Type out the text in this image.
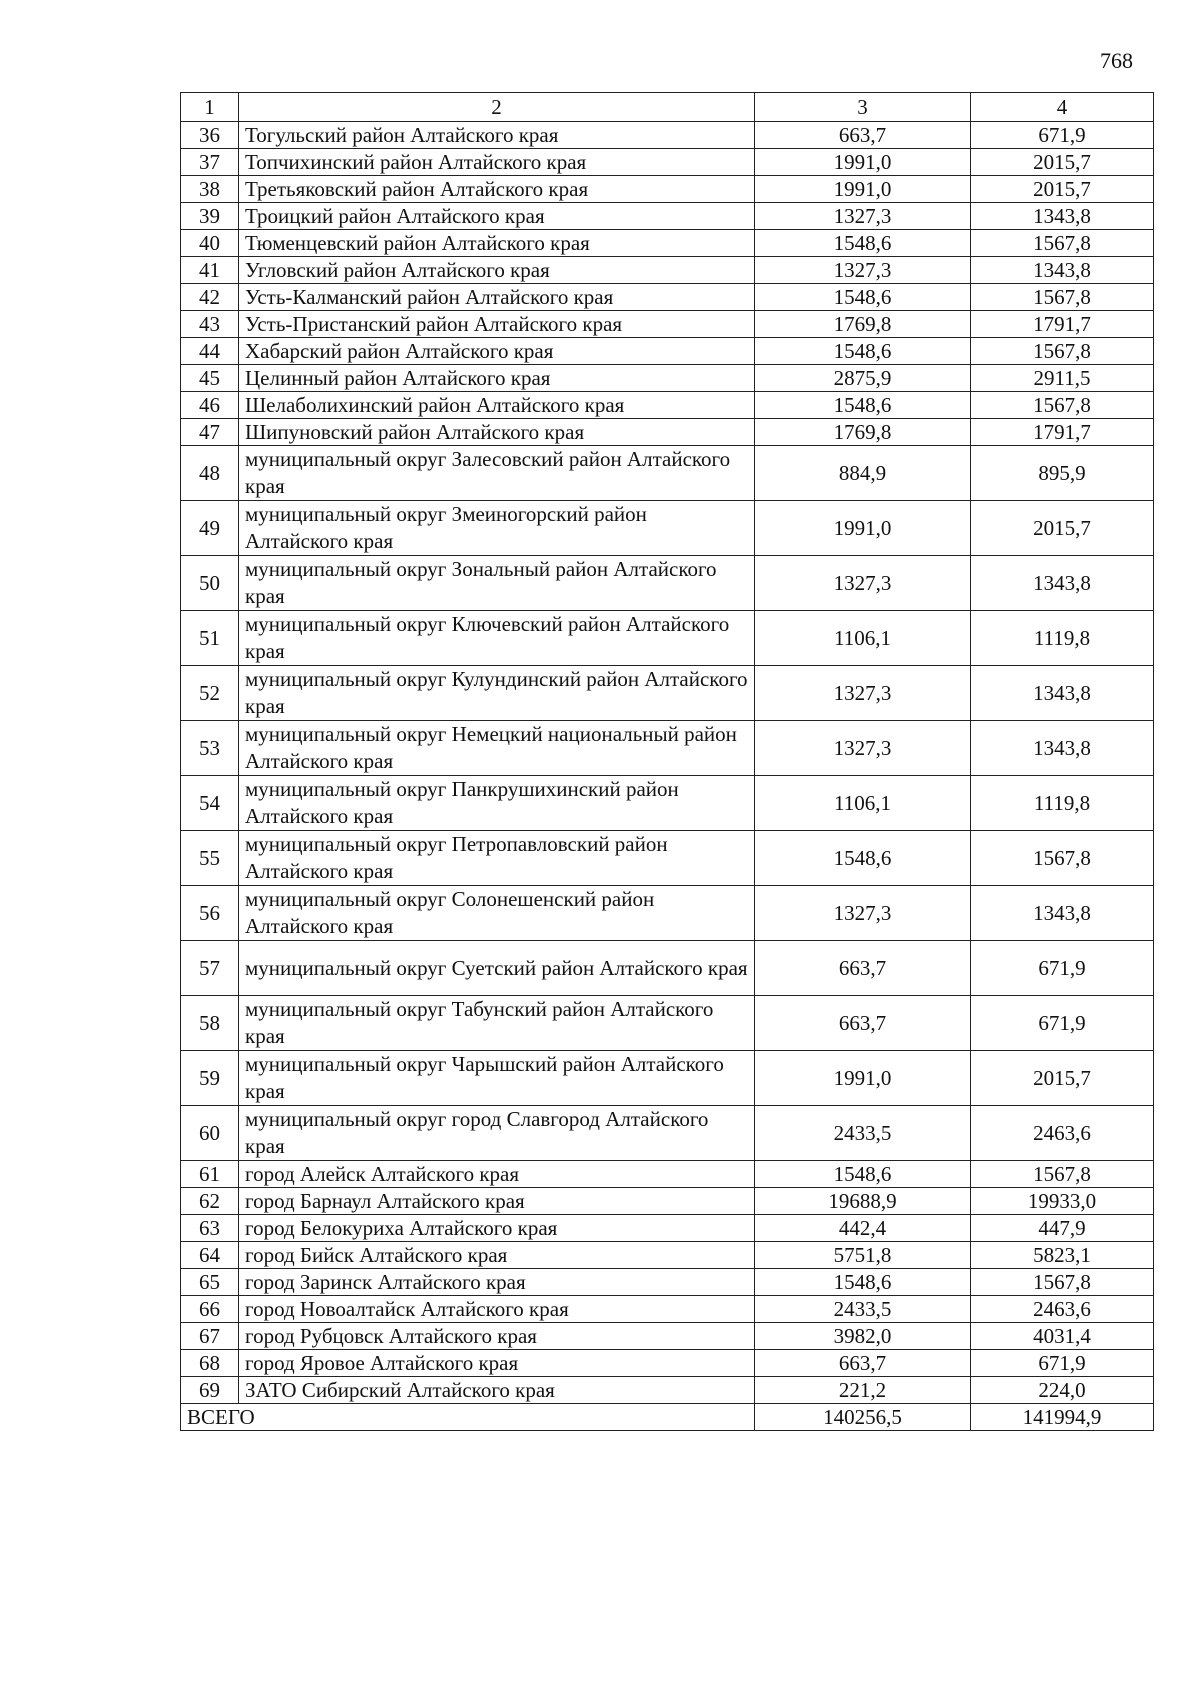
768
1	2	3	4
36	Тогульский район Алтайского края	663,7	671,9
37	Топчихинский район Алтайского края	1991,0	2015,7
38	Третьяковский район Алтайского края	1991,0	2015,7
39	Троицкий район Алтайского края	1327,3	1343,8
40	Тюменцевский район Алтайского края	1548,6	1567,8
41	Угловский район Алтайского края	1327,3	1343,8
42	Усть-Калманский район Алтайского края	1548,6	1567,8
43	Усть-Пристанский район Алтайского края	1769,8	1791,7
44	Хабарский район Алтайского края	1548,6	1567,8
45	Целинный район Алтайского края	2875,9	2911,5
46	Шелаболихинский район Алтайского края	1548,6	1567,8
47	Шипуновский район Алтайского края	1769,8	1791,7
48	муниципальный округ Залесовский район Алтайского края	884,9	895,9
49	муниципальный округ Змеиногорский район Алтайского края	1991,0	2015,7
50	муниципальный округ Зональный район Алтайского края	1327,3	1343,8
51	муниципальный округ Ключевский район Алтайского края	1106,1	1119,8
52	муниципальный округ Кулундинский район Алтайского края	1327,3	1343,8
53	муниципальный округ Немецкий национальный район Алтайского края	1327,3	1343,8
54	муниципальный округ Панкрушихинский район Алтайского края	1106,1	1119,8
55	муниципальный округ Петропавловский район Алтайского края	1548,6	1567,8
56	муниципальный округ Солонешенский район Алтайского края	1327,3	1343,8
57	муниципальный округ Суетский район Алтайского края	663,7	671,9
58	муниципальный округ Табунский район Алтайского края	663,7	671,9
59	муниципальный округ Чарышский район Алтайского края	1991,0	2015,7
60	муниципальный округ город Славгород Алтайского края	2433,5	2463,6
61	город Алейск Алтайского края	1548,6	1567,8
62	город Барнаул Алтайского края	19688,9	19933,0
63	город Белокуриха Алтайского края	442,4	447,9
64	город Бийск Алтайского края	5751,8	5823,1
65	город Заринск Алтайского края	1548,6	1567,8
66	город Новоалтайск Алтайского края	2433,5	2463,6
67	город Рубцовск Алтайского края	3982,0	4031,4
68	город Яровое Алтайского края	663,7	671,9
69	ЗАТО Сибирский Алтайского края	221,2	224,0
ВСЕГО		140256,5	141994,9
